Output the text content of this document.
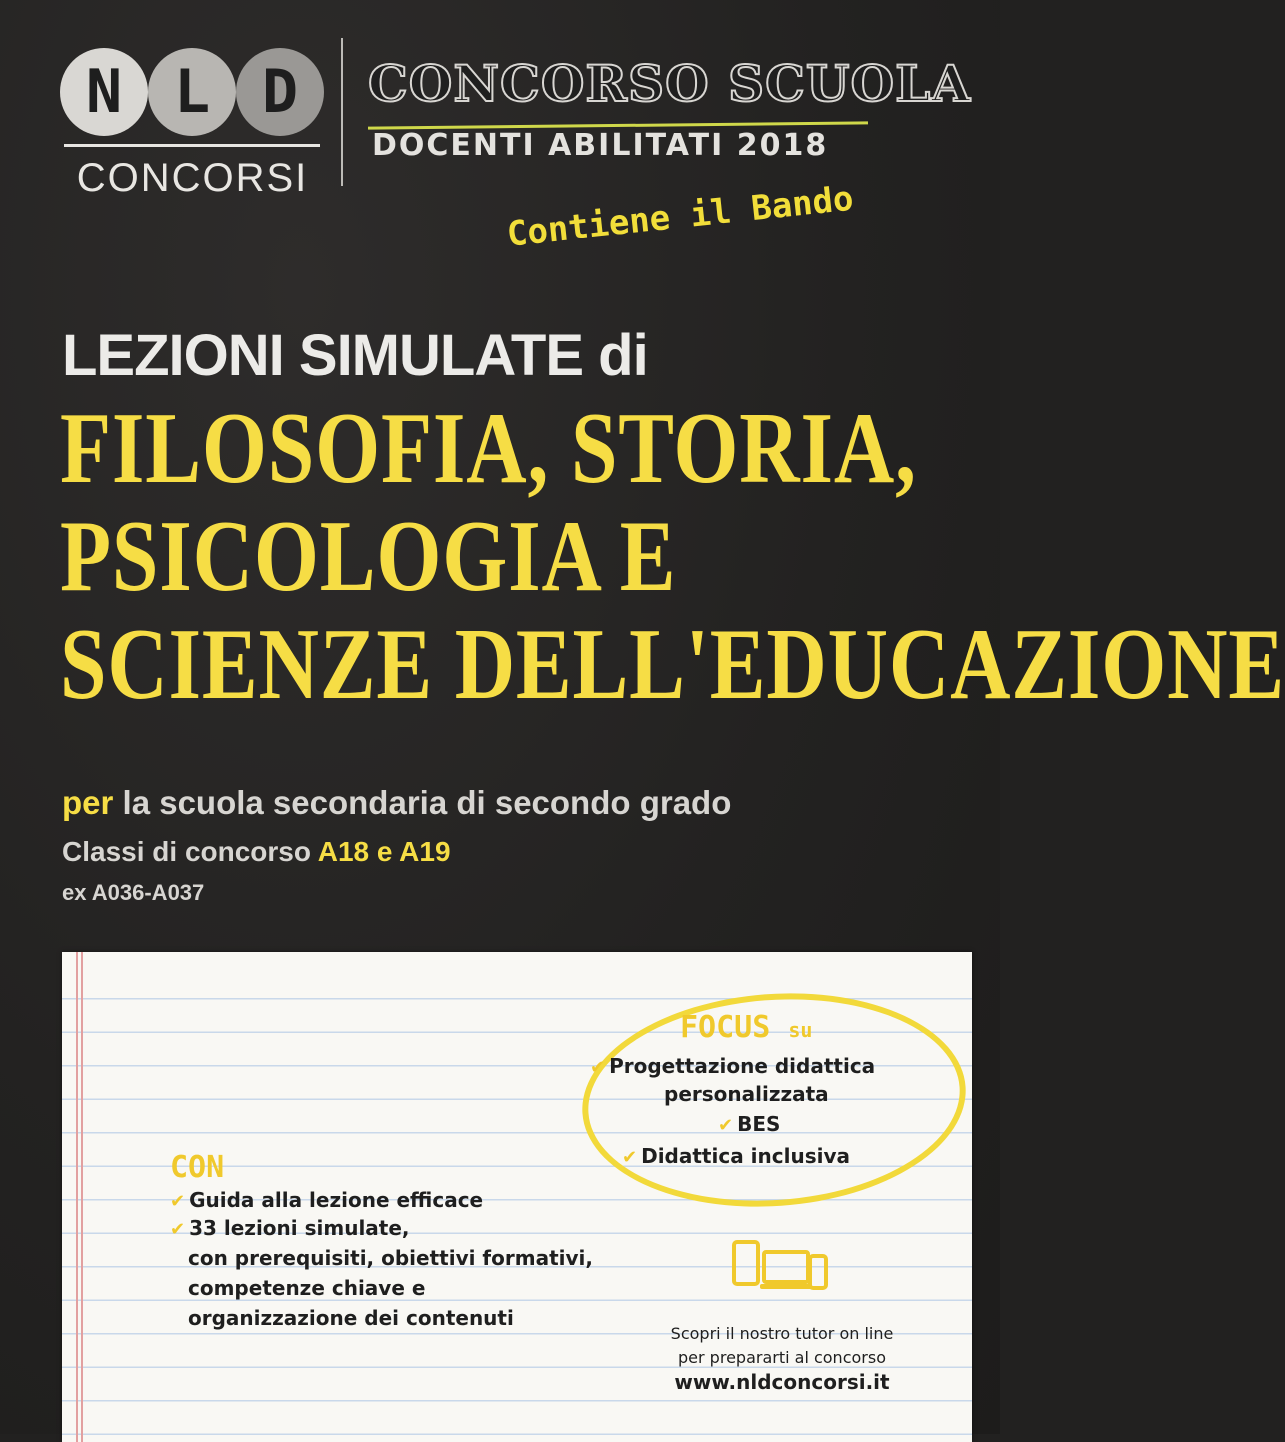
N L D
CONCORSI
CONCORSO SCUOLA
DOCENTI ABILITATI 2018
Contiene il Bando
LEZIONI SIMULATE di
FILOSOFIA, STORIA,
PSICOLOGIA E
SCIENZE DELL'EDUCAZIONE
per la scuola secondaria di secondo grado
Classi di concorso A18 e A19
ex A036-A037
FOCUS su
✔ Progettazione didattica
personalizzata
✔ BES
✔ Didattica inclusiva
CON
✔ Guida alla lezione efficace
✔ 33 lezioni simulate,
con prerequisiti, obiettivi formativi,
competenze chiave e
organizzazione dei contenuti
Scopri il nostro tutor on line
per prepararti al concorso
www.nldconcorsi.it
